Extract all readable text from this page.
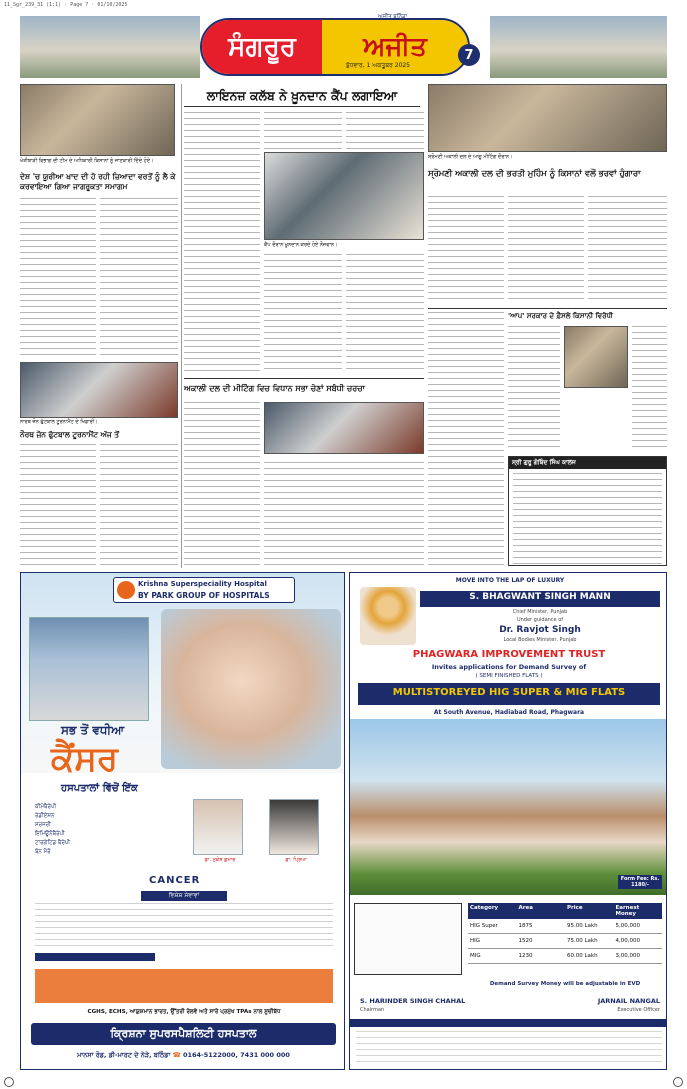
11_Sgr_239_31 (1:1) · Page 7 · 01/10/2025
ਸੰਗਰੂਰ	ਅਜੀਤ
ਅਜੀਤ ਬਠਿੰਡਾ
ਬੁੱਧਵਾਰ, 1 ਅਕਤੂਬਰ 2025
7
ਖੇਤੀਬਾੜੀ ਵਿਭਾਗ ਦੀ ਟੀਮ ਦੇ ਅਧਿਕਾਰੀ ਕਿਸਾਨਾਂ ਨੂੰ ਜਾਣਕਾਰੀ ਦਿੰਦੇ ਹੋਏ।
ਦੇਸ਼ 'ਚ ਯੂਰੀਆ ਖ਼ਾਦ ਦੀ ਹੋ ਰਹੀ ਜ਼ਿਆਦਾ ਵਰਤੋਂ ਨੂੰ ਲੈ ਕੇ ਕਰਵਾਇਆ ਗਿਆ ਜਾਗਰੂਕਤਾ ਸਮਾਗਮ
ਨਾਰਥ ਜ਼ੋਨ ਫੁੱਟਬਾਲ ਟੂਰਨਾਮੈਂਟ ਦੇ ਖਿਡਾਰੀ।
ਨੌਰਥ ਜ਼ੋਨ ਫੁੱਟਬਾਲ ਟੂਰਨਾਮੈਂਟ ਅੱਜ ਤੋਂ
ਲਾਇਨਜ਼ ਕਲੱਬ ਨੇ ਖ਼ੂਨਦਾਨ ਕੈਂਪ ਲਗਾਇਆ
ਕੈਂਪ ਦੌਰਾਨ ਖ਼ੂਨਦਾਨ ਕਰਦੇ ਹੋਏ ਨੌਜਵਾਨ।
ਸ਼੍ਰੋਮਣੀ ਅਕਾਲੀ ਦਲ ਦੇ ਆਗੂ ਮੀਟਿੰਗ ਦੌਰਾਨ।
ਸ੍ਰੋਮਣੀ ਅਕਾਲੀ ਦਲ ਦੀ ਭਰਤੀ ਮੁਹਿੰਮ ਨੂੰ ਕਿਸਾਨਾਂ ਵਲੋਂ ਭਰਵਾਂ ਹੁੰਗਾਰਾ
'ਆਪ' ਸਰਕਾਰ ਦੇ ਫ਼ੈਸਲੇ ਕਿਸਾਨੀ ਵਿਰੋਧੀ
ਅਕਾਲੀ ਦਲ ਦੀ ਮੀਟਿੰਗ ਵਿਚ ਵਿਧਾਨ ਸਭਾ ਚੋਣਾਂ ਸਬੰਧੀ ਚਰਚਾ
ਸ੍ਰੀ ਗੁਰੂ ਗੋਬਿੰਦ ਸਿੰਘ ਕਾਲਜ
Krishna Superspeciality Hospital
BY PARK GROUP OF HOSPITALS
ਸਭ ਤੋਂ ਵਧੀਆ
ਕੈਂਸਰ
ਹਸਪਤਾਲਾਂ ਵਿੱਚੋਂ ਇੱਕ
ਕੀਮੋਥੈਰੇਪੀ
ਰੇਡੀਏਸ਼ਨ
ਸਰਜਰੀ
ਇਮਿਊਨੋਥੈਰੇਪੀ
ਟਾਰਗੇਟਿਡ ਥੈਰੇਪੀ
ਬੋਨ ਮੈਰੋ
ਡਾ. ਮੁਕੇਸ਼ ਕੁਮਾਰ	ਡਾ. ਪ੍ਰਿਆ
CANCER
ਵਿਸ਼ੇਸ਼ ਸੇਵਾਵਾਂ
CGHS, ECHS, ਆਯੁਸ਼ਮਾਨ ਭਾਰਤ, ਉੱਤਰੀ ਰੇਲਵੇ ਅਤੇ ਸਾਰੇ ਪ੍ਰਮੁੱਖ TPAs ਨਾਲ ਸੂਚੀਬੱਧ
ਕ੍ਰਿਸ਼ਨਾ ਸੁਪਰਸਪੈਸ਼ਲਿਟੀ ਹਸਪਤਾਲ
ਮਾਨਸਾ ਰੋਡ, ਡੀ-ਮਾਰਟ ਦੇ ਨੇੜੇ, ਬਠਿੰਡਾ ☎ 0164-5122000, 7431 000 000
MOVE INTO THE LAP OF LUXURY
S. BHAGWANT SINGH MANN
Chief Minister, Punjab
Under guidance of
Dr. Ravjot Singh
Local Bodies Minister, Punjab
PHAGWARA IMPROVEMENT TRUST
Invites applications for Demand Survey of
( SEMI FINISHED FLATS )
MULTISTOREYED HIG SUPER & MIG FLATS
At South Avenue, Hadiabad Road, Phagwara
Form Fee: Rs. 1180/-
Category	Area	Price	Earnest Money
HIG Super	1875	95.00 Lakh	5,00,000
HIG	1520	75.00 Lakh	4,00,000
MIG	1230	60.00 Lakh	3,00,000
Demand Survey Money will be adjustable in EVD
S. HARINDER SINGH CHAHAL
Chairman
JARNAIL NANGAL
Executive Officer
